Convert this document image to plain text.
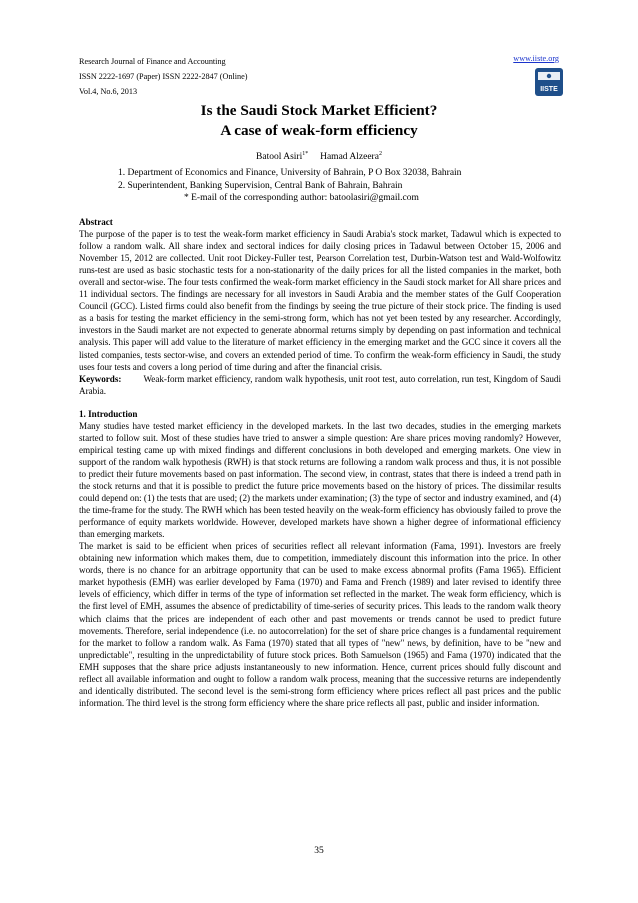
Research Journal of Finance and Accounting
ISSN 2222-1697 (Paper) ISSN 2222-2847 (Online)
Vol.4, No.6, 2013
www.iiste.org
IISTE
Is the Saudi Stock Market Efficient?
A case of weak-form efficiency
Batool Asiri$^{1*}$ Hamad Alzeera$^2$
1. Department of Economics and Finance, University of Bahrain, P O Box 32038, Bahrain
2. Superintendent, Banking Supervision, Central Bank of Bahrain, Bahrain
* E-mail of the corresponding author: batoolasiri@gmail.com

Abstract

The purpose of the paper is to test the weak-form market efficiency in Saudi Arabia's stock market, Tadawul which is expected to follow a random walk. All share index and sectoral indices for daily closing prices in Tadawul between October 15, 2006 and November 15, 2012 are collected. Unit root Dickey-Fuller test, Pearson Correlation test, Durbin-Watson test and Wald-Wolfowitz runs-test are used as basic stochastic tests for a non-stationarity of the daily prices for all the listed companies in the market, both overall and sector-wise. The four tests confirmed the weak-form market efficiency in the Saudi stock market for All share prices and 11 individual sectors. The findings are necessary for all investors in Saudi Arabia and the member states of the Gulf Cooperation Council (GCC). Listed firms could also benefit from the findings by seeing the true picture of their stock price. The finding is used as a basis for testing the market efficiency in the semi-strong form, which has not yet been tested by any researcher. Accordingly, investors in the Saudi market are not expected to generate abnormal returns simply by depending on past information and technical analysis. This paper will add value to the literature of market efficiency in the emerging market and the GCC since it covers all the listed companies, tests sector-wise, and covers an extended period of time. To confirm the weak-form efficiency in Saudi, the study uses four tests and covers a long period of time during and after the financial crisis.

Keywords: Weak-form market efficiency, random walk hypothesis, unit root test, auto correlation, run test, Kingdom of Saudi Arabia.

1. Introduction

Many studies have tested market efficiency in the developed markets. In the last two decades, studies in the emerging markets started to follow suit. Most of these studies have tried to answer a simple question: Are share prices moving randomly? However, empirical testing came up with mixed findings and different conclusions in both developed and emerging markets. One view in support of the random walk hypothesis (RWH) is that stock returns are following a random walk process and thus, it is not possible to predict their future movements based on past information. The second view, in contrast, states that there is indeed a trend path in the stock returns and that it is possible to predict the future price movements based on the history of prices. The dissimilar results could depend on: (1) the tests that are used; (2) the markets under examination; (3) the type of sector and industry examined, and (4) the time-frame for the study. The RWH which has been tested heavily on the weak-form efficiency has obviously failed to prove the performance of equity markets worldwide. However, developed markets have shown a higher degree of informational efficiency than emerging markets.

The market is said to be efficient when prices of securities reflect all relevant information (Fama, 1991). Investors are freely obtaining new information which makes them, due to competition, immediately discount this information into the price. In other words, there is no chance for an arbitrage opportunity that can be used to make excess abnormal profits (Fama 1965). Efficient market hypothesis (EMH) was earlier developed by Fama (1970) and Fama and French (1989) and later revised to identify three levels of efficiency, which differ in terms of the type of information set reflected in the market. The weak form efficiency, which is the first level of EMH, assumes the absence of predictability of time-series of security prices. This leads to the random walk theory which claims that the prices are independent of each other and past movements or trends cannot be used to predict future movements. Therefore, serial independence (i.e. no autocorrelation) for the set of share price changes is a fundamental requirement for the market to follow a random walk. As Fama (1970) stated that all types of "new" news, by definition, have to be "new and unpredictable", resulting in the unpredictability of future stock prices. Both Samuelson (1965) and Fama (1970) indicated that the EMH supposes that the share price adjusts instantaneously to new information. Hence, current prices should fully discount and reflect all available information and ought to follow a random walk process, meaning that the successive returns are independently and identically distributed. The second level is the semi-strong form efficiency where prices reflect all past prices and the public information. The third level is the strong form efficiency where the share price reflects all past, public and insider information.

35
